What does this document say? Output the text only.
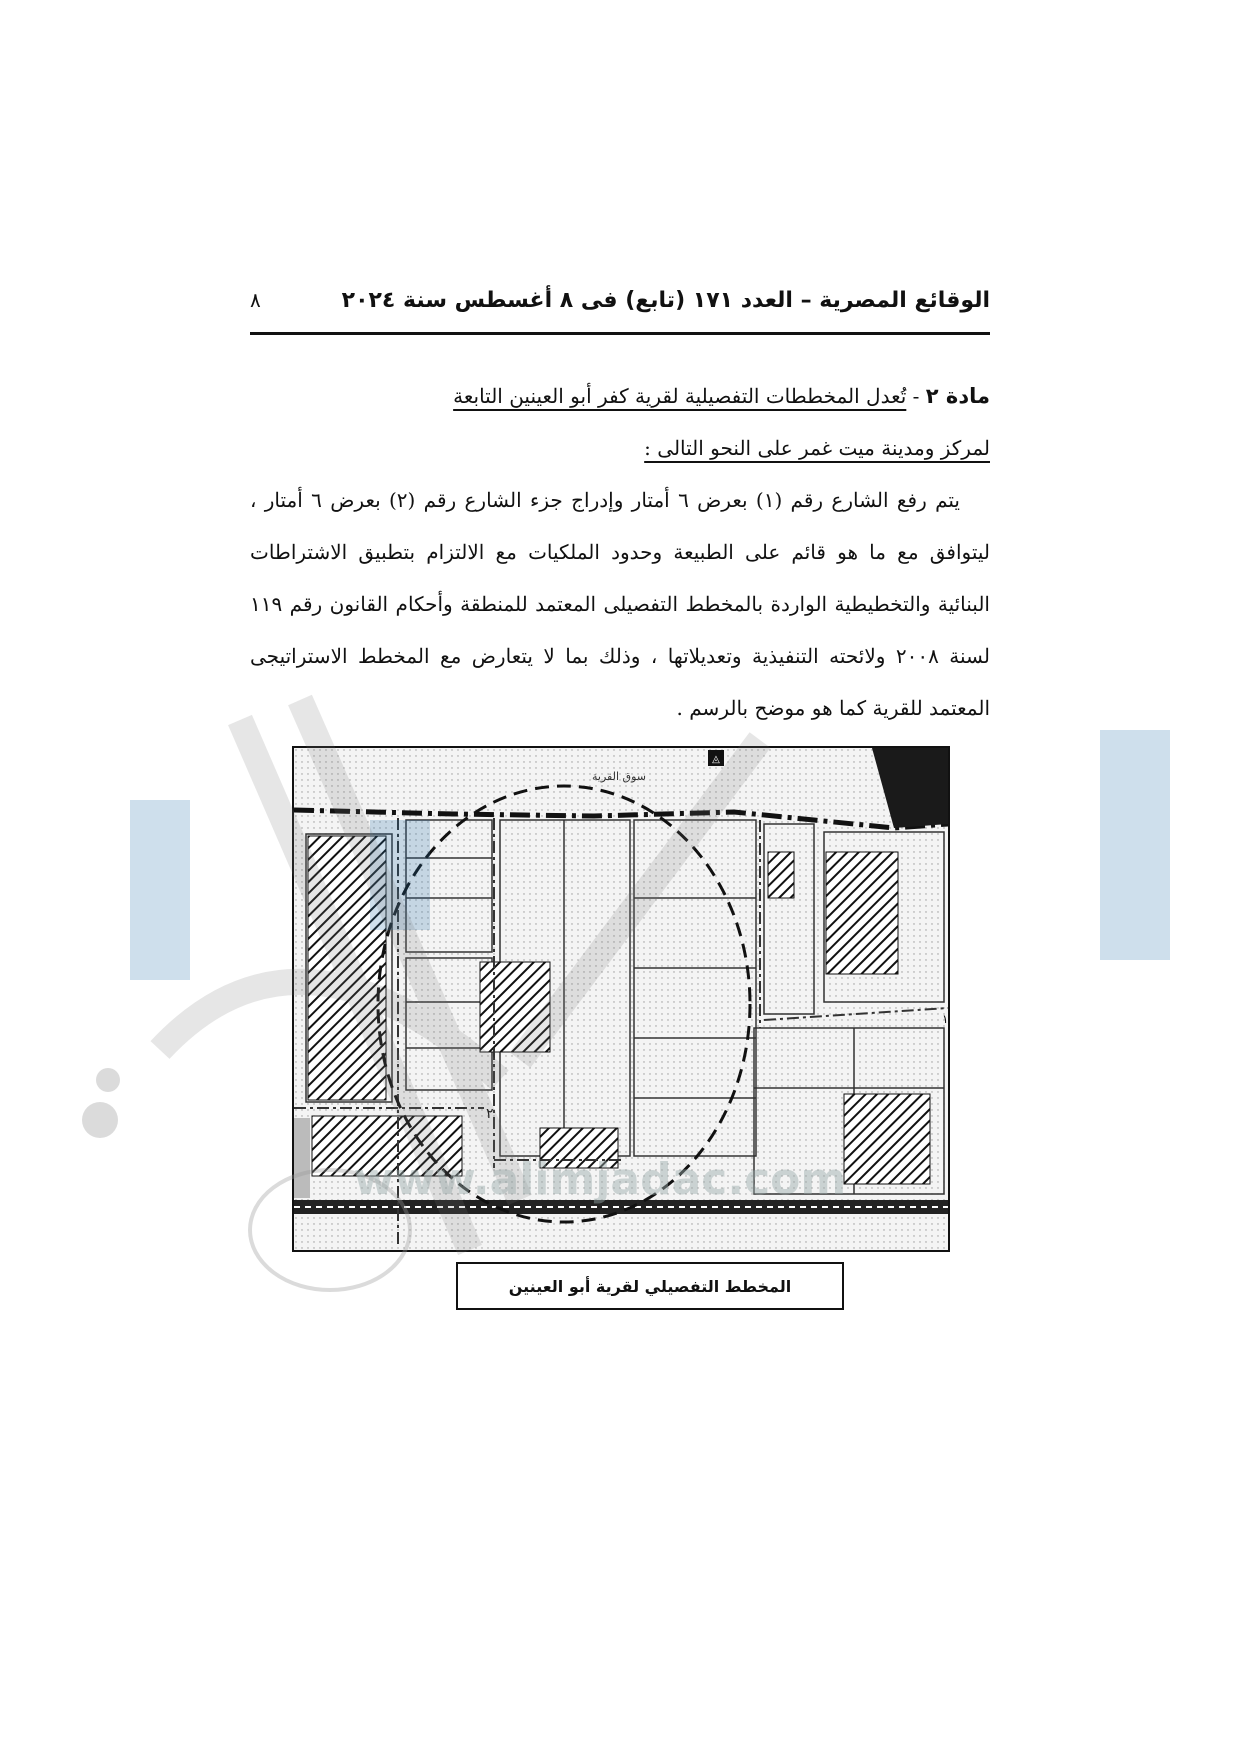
الوقائع المصرية – العدد ١٧١ (تابع) فى ٨ أغسطس سنة ٢٠٢٤
٨

مادة ٢ - تُعدل المخططات التفصيلية لقرية كفر أبو العينين التابعة

لمركز ومدينة ميت غمر على النحو التالى :

يتم رفع الشارع رقم (١) بعرض ٦ أمتار وإدراج جزء الشارع رقم (٢) بعرض ٦ أمتار ، ليتوافق مع ما هو قائم على الطبيعة وحدود الملكيات مع الالتزام بتطبيق الاشتراطات البنائية والتخطيطية الواردة بالمخطط التفصيلى المعتمد للمنطقة وأحكام القانون رقم ١١٩ لسنة ٢٠٠٨ ولائحته التنفيذية وتعديلاتها ، وذلك بما لا يتعارض مع المخطط الاستراتيجى المعتمد للقرية كما هو موضح بالرسم .

◬
سوق القرية
١
٢
المخطط التفصيلي لقرية أبو العينين
www.alimjadac.com
